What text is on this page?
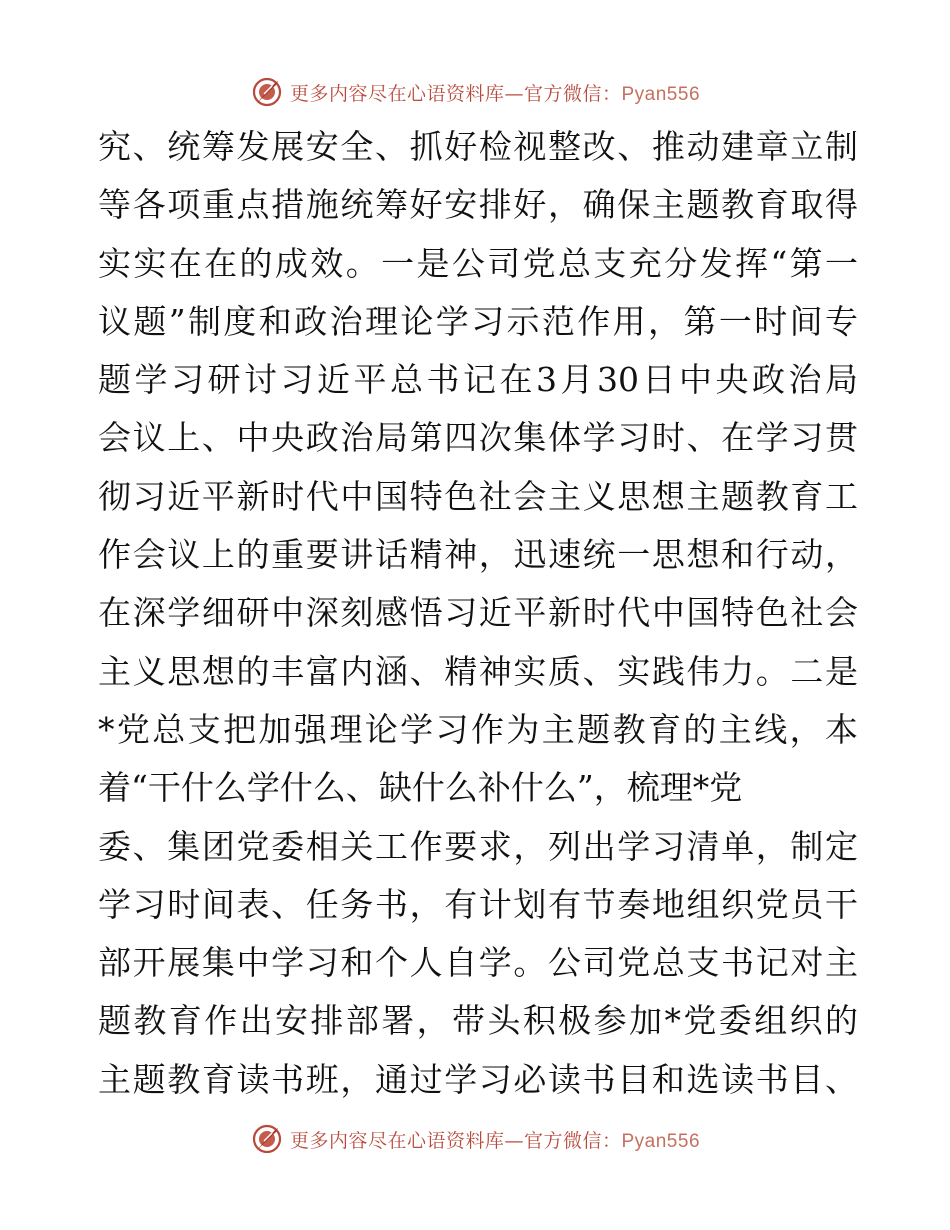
更多内容尽在心语资料库—官方微信：Pyan556
究、统筹发展安全、抓好检视整改、推动建章立制
等各项重点措施统筹好安排好，确保主题教育取得
实实在在的成效。一是公司党总支充分发挥“第一
议题”制度和政治理论学习示范作用，第一时间专
题学习研讨习近平总书记在3月30日中央政治局
会议上、中央政治局第四次集体学习时、在学习贯
彻习近平新时代中国特色社会主义思想主题教育工
作会议上的重要讲话精神，迅速统一思想和行动，
在深学细研中深刻感悟习近平新时代中国特色社会
主义思想的丰富内涵、精神实质、实践伟力。二是
*党总支把加强理论学习作为主题教育的主线，本
着“干什么学什么、缺什么补什么”，梳理*党
委、集团党委相关工作要求，列出学习清单，制定
学习时间表、任务书，有计划有节奏地组织党员干
部开展集中学习和个人自学。公司党总支书记对主
题教育作出安排部署，带头积极参加*党委组织的
主题教育读书班，通过学习必读书目和选读书目、
更多内容尽在心语资料库—官方微信：Pyan556
